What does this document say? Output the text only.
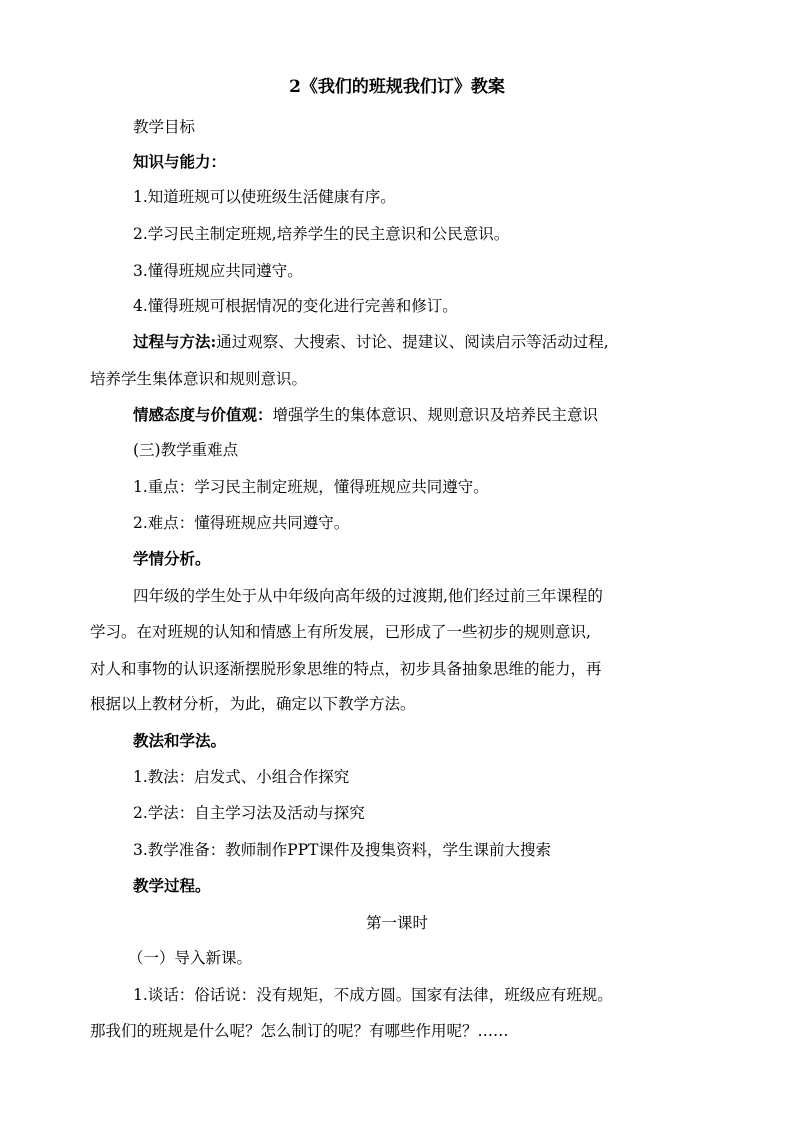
2《我们的班规我们订》教案
教学目标
知识与能力：
1.知道班规可以使班级生活健康有序。
2.学习民主制定班规,培养学生的民主意识和公民意识。
3.懂得班规应共同遵守。
4.懂得班规可根据情况的变化进行完善和修订。
过程与方法:通过观察、大搜索、讨论、提建议、阅读启示等活动过程,
培养学生集体意识和规则意识。
情感态度与价值观：增强学生的集体意识、规则意识及培养民主意识
(三)教学重难点
1.重点：学习民主制定班规，懂得班规应共同遵守。
2.难点：懂得班规应共同遵守。
学情分析。
四年级的学生处于从中年级向高年级的过渡期,他们经过前三年课程的
学习。在对班规的认知和情感上有所发展，已形成了一些初步的规则意识,
对人和事物的认识逐渐摆脱形象思维的特点，初步具备抽象思维的能力，再
根据以上教材分析，为此，确定以下教学方法。
教法和学法。
1.教法：启发式、小组合作探究
2.学法：自主学习法及活动与探究
3.教学准备：教师制作PPT课件及搜集资料，学生课前大搜索
教学过程。
第一课时
（一）导入新课。
1.谈话：俗话说：没有规矩，不成方圆。国家有法律，班级应有班规。
那我们的班规是什么呢？怎么制订的呢？有哪些作用呢？……
